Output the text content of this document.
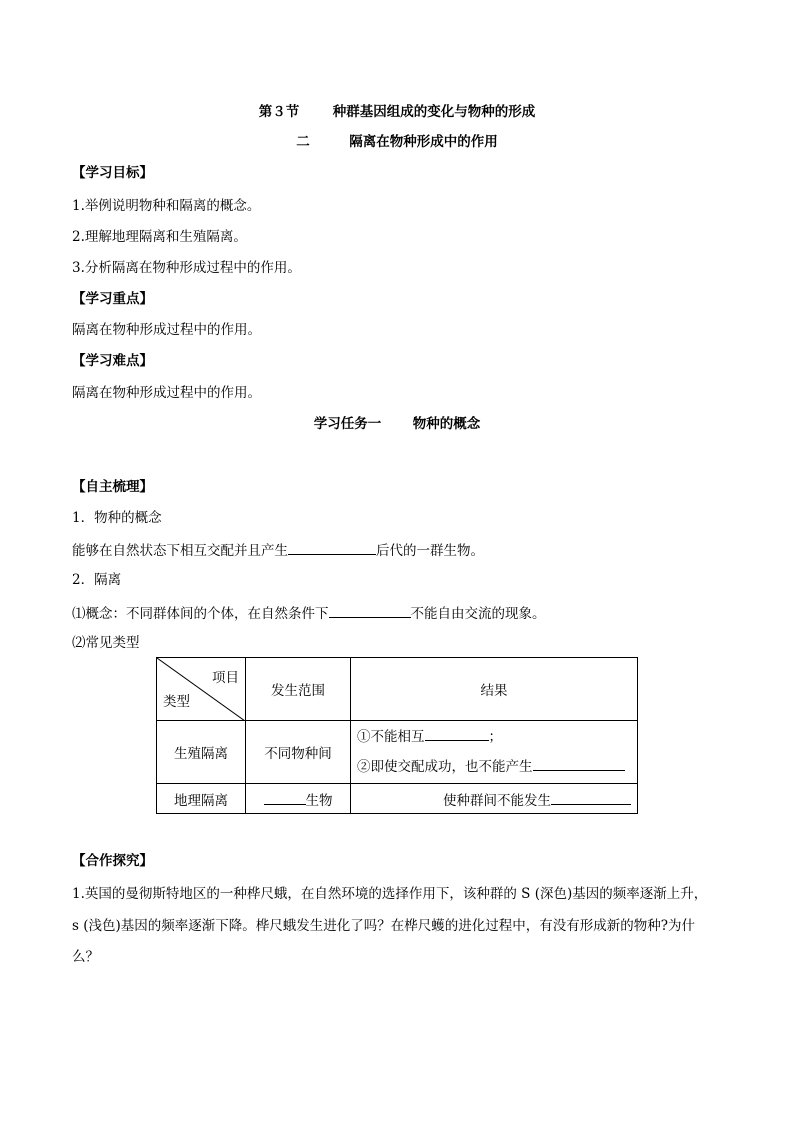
第３节 种群基因组成的变化与物种的形成
二	隔离在物种形成中的作用
【学习目标】
1.举例说明物种和隔离的概念。
2.理解地理隔离和生殖隔离。
3.分析隔离在物种形成过程中的作用。
【学习重点】
隔离在物种形成过程中的作用。
【学习难点】
隔离在物种形成过程中的作用。
学习任务一 物种的概念
【自主梳理】
1．物种的概念
能够在自然状态下相互交配并且产生	后代的一群生物。
2．隔离
⑴概念：不同群体间的个体，在自然条件下	不能自由交流的现象。
⑵常见类型
项目
类型	发生范围	结果
生殖隔离	不同物种间	①不能相互 ；
②即使交配成功，也不能产生

地理隔离	生物	使种群间不能发生
【合作探究】
1.英国的曼彻斯特地区的一种桦尺蛾，在自然环境的选择作用下，该种群的 S (深色)基因的频率逐渐上升，
s (浅色)基因的频率逐渐下降。桦尺蛾发生进化了吗？在桦尺蠖的进化过程中，有没有形成新的物种?为什
么？
